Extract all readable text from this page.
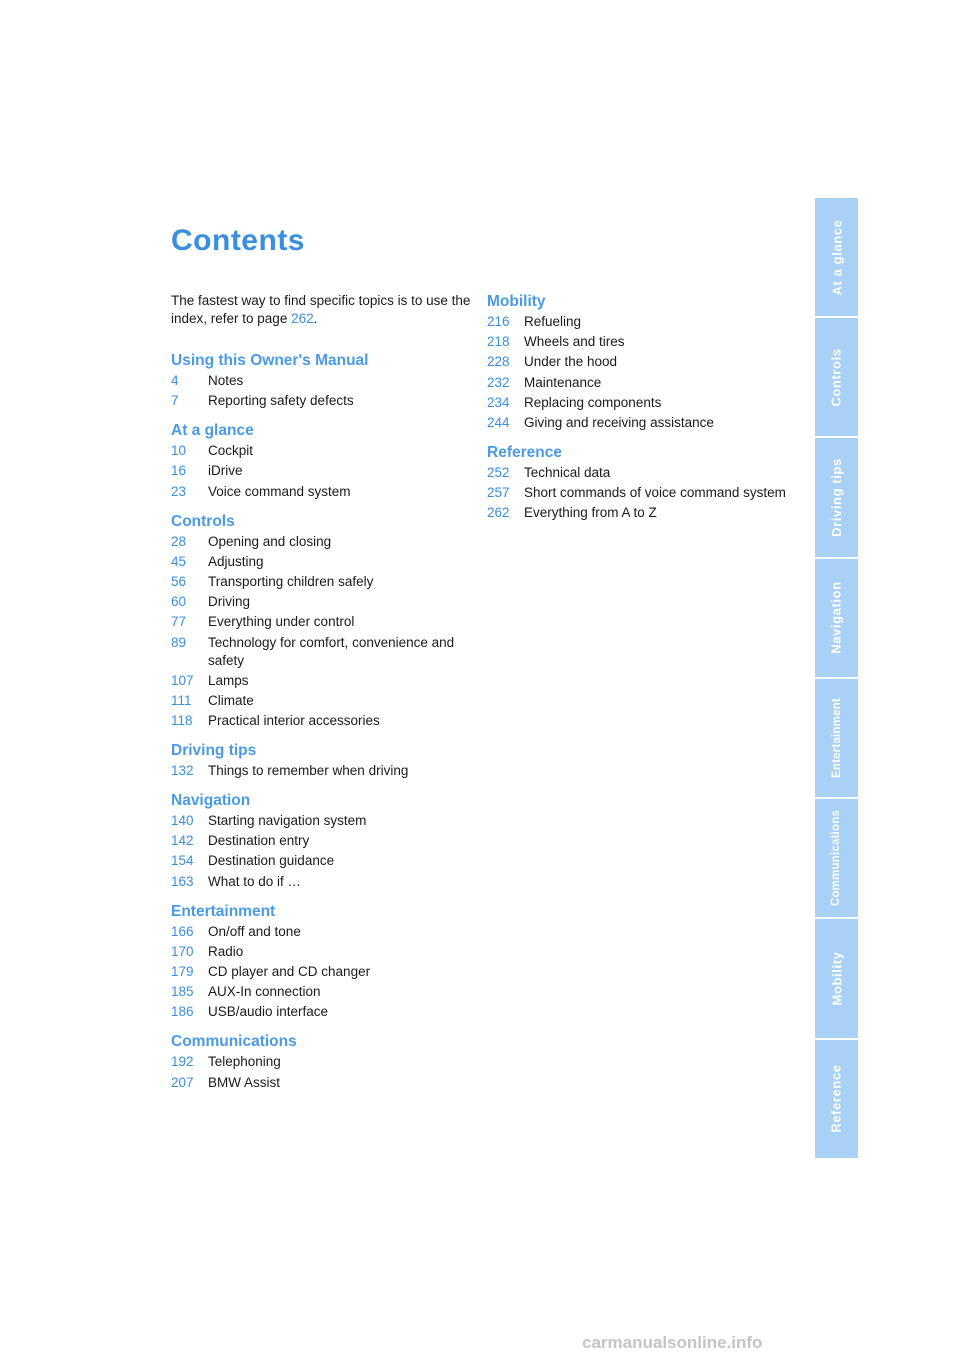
Contents

The fastest way to find specific topics is to use the index, refer to page 262.

Using this Owner's Manual
4	Notes
7	Reporting safety defects
At a glance
10	Cockpit
16	iDrive
23	Voice command system
Controls
28	Opening and closing
45	Adjusting
56	Transporting children safely
60	Driving
77	Everything under control
89	Technology for comfort, convenience and safety
107	Lamps
111	Climate
118	Practical interior accessories
Driving tips
132	Things to remember when driving
Navigation
140	Starting navigation system
142	Destination entry
154	Destination guidance
163	What to do if …
Entertainment
166	On/off and tone
170	Radio
179	CD player and CD changer
185	AUX-In connection
186	USB/audio interface
Communications
192	Telephoning
207	BMW Assist
Mobility
216	Refueling
218	Wheels and tires
228	Under the hood
232	Maintenance
234	Replacing components
244	Giving and receiving assistance
Reference
252	Technical data
257	Short commands of voice command system
262	Everything from A to Z
At a glance
Controls
Driving tips
Navigation
Entertainment
Communications
Mobility
Reference
carmanualsonline.info
